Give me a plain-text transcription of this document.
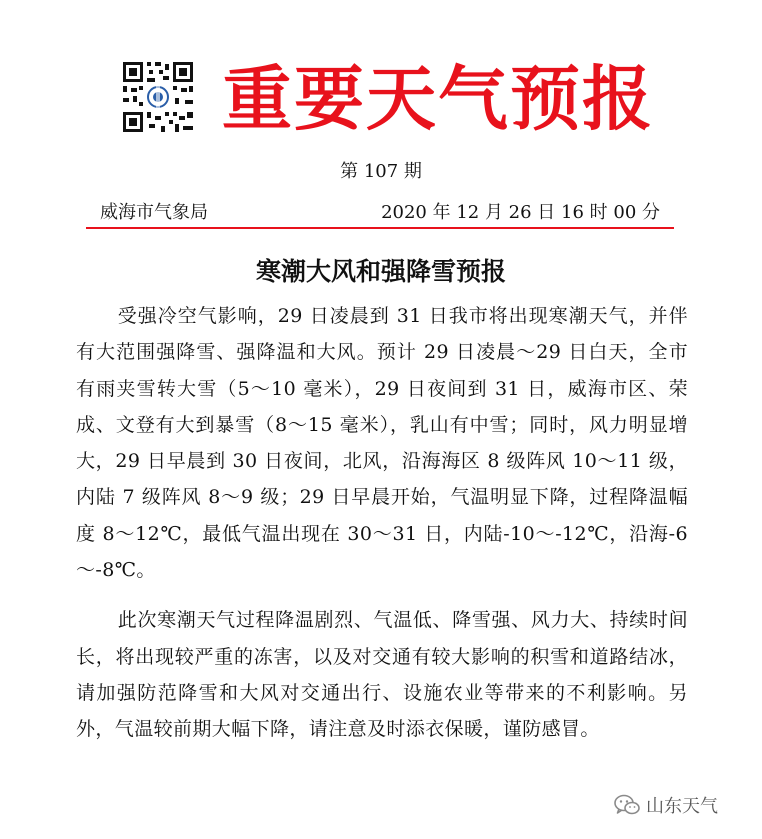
重要天气预报
第 107 期
威海市气象局	2020 年 12 月 26 日 16 时 00 分
寒潮大风和强降雪预报

受强冷空气影响，29 日凌晨到 31 日我市将出现寒潮天气，并伴有大范围强降雪、强降温和大风。预计 29 日凌晨～29 日白天，全市有雨夹雪转大雪（5～10 毫米），29 日夜间到 31 日，威海市区、荣成、文登有大到暴雪（8～15 毫米），乳山有中雪；同时，风力明显增大，29 日早晨到 30 日夜间，北风，沿海海区 8 级阵风 10～11 级，内陆 7 级阵风 8～9 级；29 日早晨开始，气温明显下降，过程降温幅度 8～12℃，最低气温出现在 30～31 日，内陆-10～-12℃，沿海-6～-8℃。

此次寒潮天气过程降温剧烈、气温低、降雪强、风力大、持续时间长，将出现较严重的冻害，以及对交通有较大影响的积雪和道路结冰，请加强防范降雪和大风对交通出行、设施农业等带来的不利影响。另外，气温较前期大幅下降，请注意及时添衣保暖，谨防感冒。

山东天气
